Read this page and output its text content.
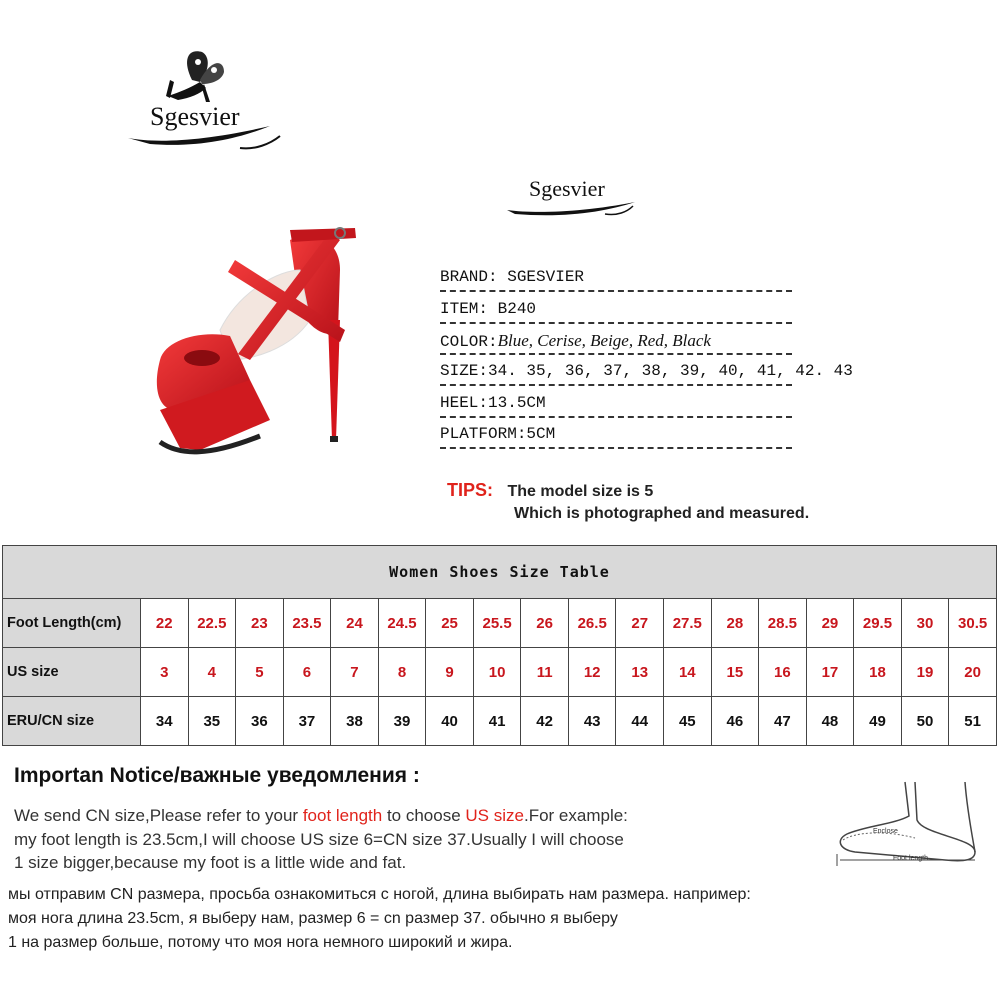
Sgesvier
Sgesvier
BRAND: SGESVIER
ITEM: B240
COLOR:Blue, Cerise, Beige, Red, Black
SIZE:34. 35, 36, 37, 38, 39, 40, 41, 42. 43
HEEL:13.5CM
PLATFORM:5CM
TIPS: The model size is 5
Which is photographed and measured.
Women Shoes Size Table																		
Foot Length(cm)	22	22.5	23	23.5	24	24.5	25	25.5	26	26.5	27	27.5	28	28.5	29	29.5	30	30.5
US size	3	4	5	6	7	8	9	10	11	12	13	14	15	16	17	18	19	20
ERU/CN size	34	35	36	37	38	39	40	41	42	43	44	45	46	47	48	49	50	51
Importan Notice/важные уведомления :
We send CN size,Please refer to your foot length to choose US size.For example:
my foot length is 23.5cm,I will choose US size 6=CN size 37.Usually I will choose
1 size bigger,because my foot is a little wide and fat.
мы отправим CN размера, просьба ознакомиться с ногой, длина выбирать нам размера. например:
моя нога длина 23.5cm, я выберу нам, размер 6 = cn размер 37. обычно я выберу
1 на размер больше, потому что моя нога немного широкий и жира.
Enclose
Foot length
